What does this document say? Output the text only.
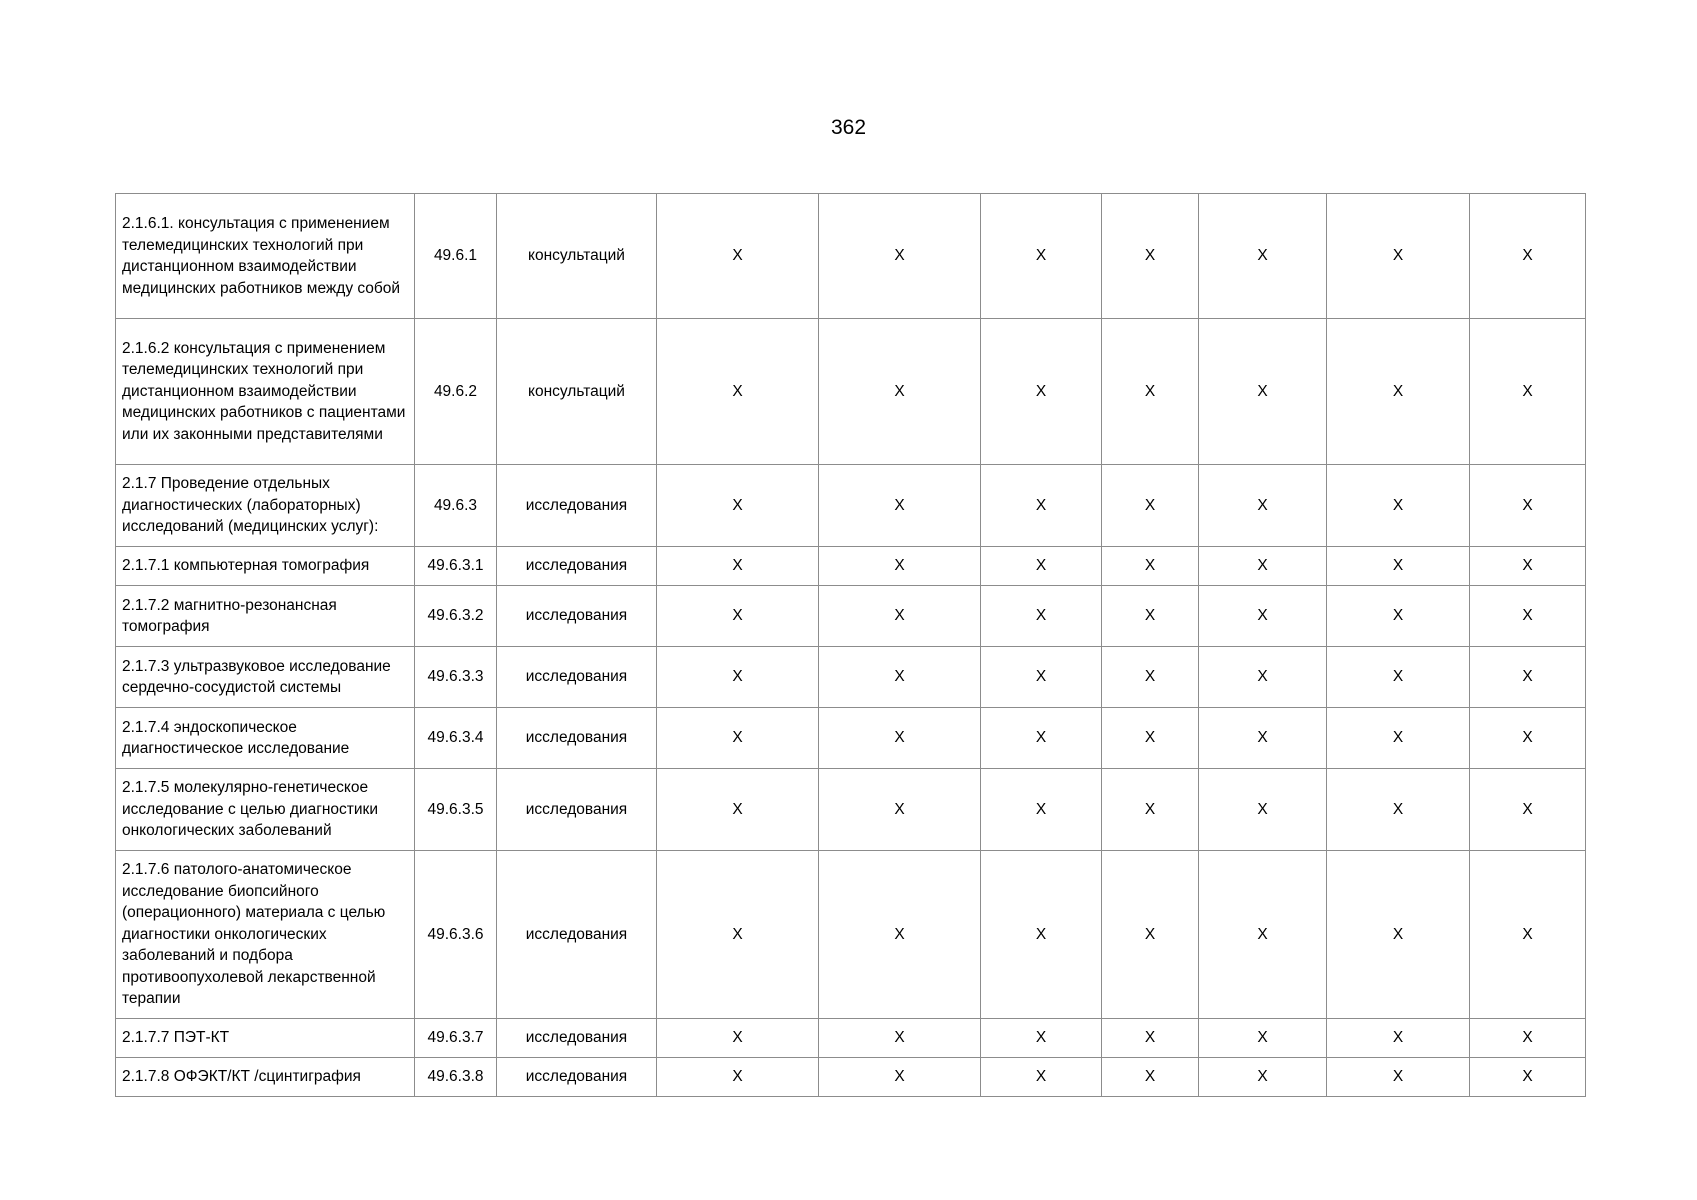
362
2.1.6.1. консультация с применением телемедицинских технологий при дистанционном взаимодействии медицинских работников между собой	49.6.1	консультаций	Х	Х	Х	Х	Х	Х	Х
2.1.6.2 консультация с применением телемедицинских технологий при дистанционном взаимодействии медицинских работников с пациентами или их законными представителями	49.6.2	консультаций	Х	Х	Х	Х	Х	Х	Х
2.1.7 Проведение отдельных диагностических (лабораторных) исследований (медицинских услуг):	49.6.3	исследования	Х	Х	Х	Х	Х	Х	Х
2.1.7.1 компьютерная томография	49.6.3.1	исследования	Х	Х	Х	Х	Х	Х	Х
2.1.7.2 магнитно-резонансная томография	49.6.3.2	исследования	Х	Х	Х	Х	Х	Х	Х
2.1.7.3 ультразвуковое исследование сердечно-сосудистой системы	49.6.3.3	исследования	Х	Х	Х	Х	Х	Х	Х
2.1.7.4 эндоскопическое диагностическое исследование	49.6.3.4	исследования	Х	Х	Х	Х	Х	Х	Х
2.1.7.5 молекулярно-генетическое исследование с целью диагностики онкологических заболеваний	49.6.3.5	исследования	Х	Х	Х	Х	Х	Х	Х
2.1.7.6 патолого-анатомическое исследование биопсийного (операционного) материала с целью диагностики онкологических заболеваний и подбора противоопухолевой лекарственной терапии	49.6.3.6	исследования	Х	Х	Х	Х	Х	Х	Х
2.1.7.7 ПЭТ-КТ	49.6.3.7	исследования	Х	Х	Х	Х	Х	Х	Х
2.1.7.8 ОФЭКТ/КТ /сцинтиграфия	49.6.3.8	исследования	Х	Х	Х	Х	Х	Х	Х
